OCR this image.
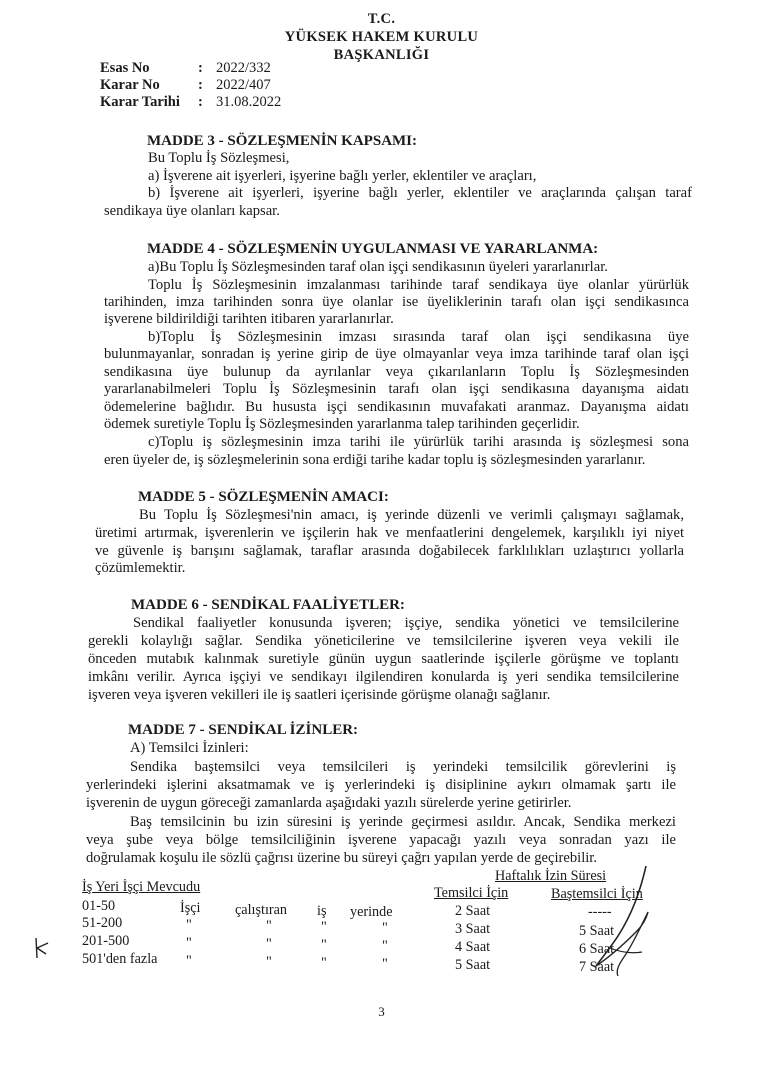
T.C.
YÜKSEK HAKEM KURULU
BAŞKANLIĞI
Esas No	: 2022/332
Karar No	: 2022/407
Karar Tarihi : 31.08.2022
MADDE 3 - SÖZLEŞMENİN KAPSAMI:
Bu Toplu İş Sözleşmesi,
a) İşverene ait işyerleri, işyerine bağlı yerler, eklentiler ve araçları,
b) İşverene ait işyerleri, işyerine bağlı yerler, eklentiler ve araçlarında çalışan taraf
sendikaya üye olanları kapsar.
MADDE 4 - SÖZLEŞMENİN UYGULANMASI VE YARARLANMA:
a)Bu Toplu İş Sözleşmesinden taraf olan işçi sendikasının üyeleri yararlanırlar.
Toplu İş Sözleşmesinin imzalanması tarihinde taraf sendikaya üye olanlar yürürlük
tarihinden, imza tarihinden sonra üye olanlar ise üyeliklerinin tarafı olan işçi sendikasınca
işverene bildirildiği tarihten itibaren yararlanırlar.
b)Toplu İş Sözleşmesinin imzası sırasında taraf olan işçi sendikasına üye
bulunmayanlar, sonradan iş yerine girip de üye olmayanlar veya imza tarihinde taraf olan işçi
sendikasına üye bulunup da ayrılanlar veya çıkarılanların Toplu İş Sözleşmesinden
yararlanabilmeleri Toplu İş Sözleşmesinin tarafı olan işçi sendikasına dayanışma aidatı
ödemelerine bağlıdır. Bu hususta işçi sendikasının muvafakati aranmaz. Dayanışma aidatı
ödemek suretiyle Toplu İş Sözleşmesinden yararlanma talep tarihinden geçerlidir.
c)Toplu iş sözleşmesinin imza tarihi ile yürürlük tarihi arasında iş sözleşmesi sona
eren üyeler de, iş sözleşmelerinin sona erdiği tarihe kadar toplu iş sözleşmesinden yararlanır.
MADDE 5 - SÖZLEŞMENİN AMACI:
Bu Toplu İş Sözleşmesi'nin amacı, iş yerinde düzenli ve verimli çalışmayı sağlamak,
üretimi artırmak, işverenlerin ve işçilerin hak ve menfaatlerini dengelemek, karşılıklı iyi niyet
ve güvenle iş barışını sağlamak, taraflar arasında doğabilecek farklılıkları uzlaştırıcı yollarla
çözümlemektir.
MADDE 6 - SENDİKAL FAALİYETLER:
Sendikal faaliyetler konusunda işveren; işçiye, sendika yönetici ve temsilcilerine
gerekli kolaylığı sağlar. Sendika yöneticilerine ve temsilcilerine işveren veya vekili ile
önceden mutabık kalınmak suretiyle günün uygun saatlerinde işçilerle görüşme ve toplantı
imkânı verilir. Ayrıca işçiyi ve sendikayı ilgilendiren konularda iş yeri sendika temsilcilerine
işveren veya işveren vekilleri ile iş saatleri içerisinde görüşme olanağı sağlanır.
MADDE 7 - SENDİKAL İZİNLER:
A) Temsilci İzinleri:
Sendika baştemsilci veya temsilcileri iş yerindeki temsilcilik görevlerini iş
yerlerindeki işlerini aksatmamak ve iş yerlerindeki iş disiplinine aykırı olmamak şartı ile
işverenin de uygun göreceği zamanlarda aşağıdaki yazılı sürelerde yerine getirirler.
Baş temsilcinin bu izin süresini iş yerinde geçirmesi asıldır. Ancak, Sendika merkezi
veya şube veya bölge temsilciliğinin işverene yapacağı yazılı veya sonradan yazı ile
doğrulamak koşulu ile sözlü çağrısı üzerine bu süreyi çağrı yapılan yerde de geçirebilir.
Haftalık İzin Süresi
İş Yeri İşçi Mevcudu	Temsilci İçin	Baştemsilci İçin
01-50	İşçi çalıştıran iş yerinde	2 Saat	-----
51-200	"	"	"	"	3 Saat	5 Saat
201-500	"	"	"	"	4 Saat	6 Saat
501'den fazla "	"	"	"	5 Saat	7 Saat
3
